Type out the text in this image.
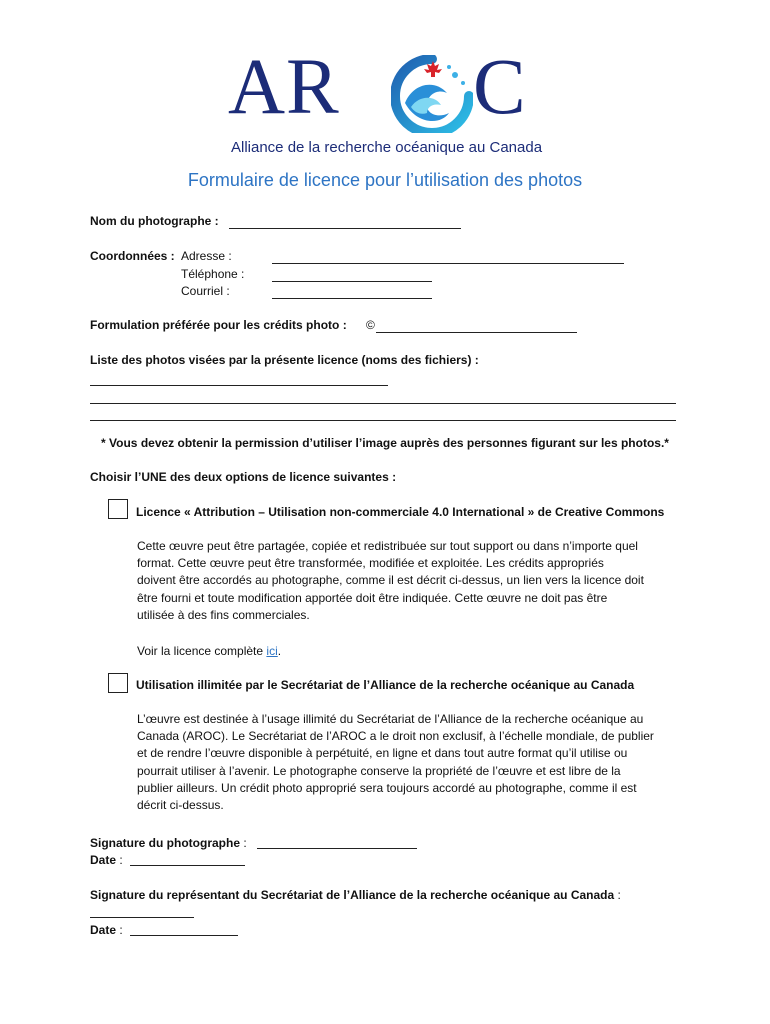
AR C
Alliance de la recherche océanique au Canada
Formulaire de licence pour l’utilisation des photos
Nom du photographe :
Coordonnées : Adresse :
Téléphone :
Courriel :
Formulation préférée pour les crédits photo : ©
Liste des photos visées par la présente licence (noms des fichiers) :
* Vous devez obtenir la permission d’utiliser l’image auprès des personnes figurant sur les photos.*
Choisir l’UNE des deux options de licence suivantes :
Licence « Attribution – Utilisation non-commerciale 4.0 International » de Creative Commons
Cette œuvre peut être partagée, copiée et redistribuée sur tout support ou dans n’importe quel
format. Cette œuvre peut être transformée, modifiée et exploitée. Les crédits appropriés
doivent être accordés au photographe, comme il est décrit ci-dessus, un lien vers la licence doit
être fourni et toute modification apportée doit être indiquée. Cette œuvre ne doit pas être
utilisée à des fins commerciales.
Voir la licence complète ici.
Utilisation illimitée par le Secrétariat de l’Alliance de la recherche océanique au Canada
L’œuvre est destinée à l’usage illimité du Secrétariat de l’Alliance de la recherche océanique au
Canada (AROC). Le Secrétariat de l’AROC a le droit non exclusif, à l’échelle mondiale, de publier
et de rendre l’œuvre disponible à perpétuité, en ligne et dans tout autre format qu’il utilise ou
pourrait utiliser à l’avenir. Le photographe conserve la propriété de l’œuvre et est libre de la
publier ailleurs. Un crédit photo approprié sera toujours accordé au photographe, comme il est
décrit ci-dessus.
Signature du photographe :
Date :
Signature du représentant du Secrétariat de l’Alliance de la recherche océanique au Canada :
Date :
